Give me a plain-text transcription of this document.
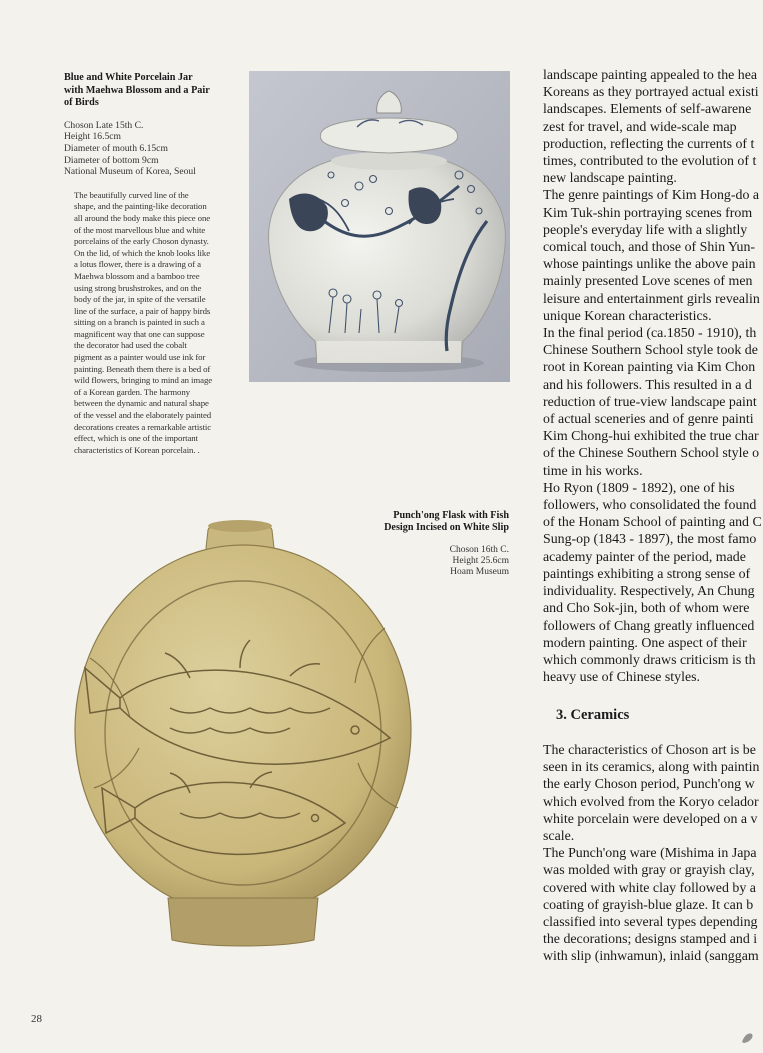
Blue and White Porcelain Jar
with Maehwa Blossom and a Pair
of Birds
Choson Late 15th C.
Height 16.5cm
Diameter of mouth 6.15cm
Diameter of bottom 9cm
National Museum of Korea, Seoul
The beautifully curved line of the
shape, and the painting-like decoration
all around the body make this piece one
of the most marvellous blue and white
porcelains of the early Choson dynasty.
On the lid, of which the knob looks like
a lotus flower, there is a drawing of a
Maehwa blossom and a bamboo tree
using strong brushstrokes, and on the
body of the jar, in spite of the versatile
line of the surface, a pair of happy birds
sitting on a branch is painted in such a
magnificent way that one can suppose
the decorator had used the cobalt
pigment as a painter would use ink for
painting. Beneath them there is a bed of
wild flowers, bringing to mind an image
of a Korean garden. The harmony
between the dynamic and natural shape
of the vessel and the elaborately painted
decorations creates a remarkable artistic
effect, which is one of the important
characteristics of Korean porcelain. .
Punch'ong Flask with Fish
Design Incised on White Slip
Choson 16th C.
Height 25.6cm
Hoam Museum

landscape painting appealed to the hea

Koreans as they portrayed actual existi

landscapes. Elements of self-awarene

zest for travel, and wide-scale map

production, reflecting the currents of t

times, contributed to the evolution of t

new landscape painting.

The genre paintings of Kim Hong-do a

Kim Tuk-shin portraying scenes from

people's everyday life with a slightly

comical touch, and those of Shin Yun-

whose paintings unlike the above pain

mainly presented Love scenes of men

leisure and entertainment girls revealin

unique Korean characteristics.

In the final period (ca.1850 - 1910), th

Chinese Southern School style took de

root in Korean painting via Kim Chon

and his followers. This resulted in a d

reduction of true-view landscape paint

of actual sceneries and of genre painti

Kim Chong-hui exhibited the true char

of the Chinese Southern School style o

time in his works.

Ho Ryon (1809 - 1892), one of his

followers, who consolidated the found

of the Honam School of painting and C

Sung-op (1843 - 1897), the most famo

academy painter of the period, made

paintings exhibiting a strong sense of

individuality. Respectively, An Chung

and Cho Sok-jin, both of whom were

followers of Chang greatly influenced

modern painting. One aspect of their

which commonly draws criticism is th

heavy use of Chinese styles.

3. Ceramics

The characteristics of Choson art is be

seen in its ceramics, along with paintin

the early Choson period, Punch'ong w

which evolved from the Koryo celador

white porcelain were developed on a v

scale.

The Punch'ong ware (Mishima in Japa

was molded with gray or grayish clay,

covered with white clay followed by a

coating of grayish-blue glaze. It can b

classified into several types depending

the decorations; designs stamped and i

with slip (inhwamun), inlaid (sanggam

28
